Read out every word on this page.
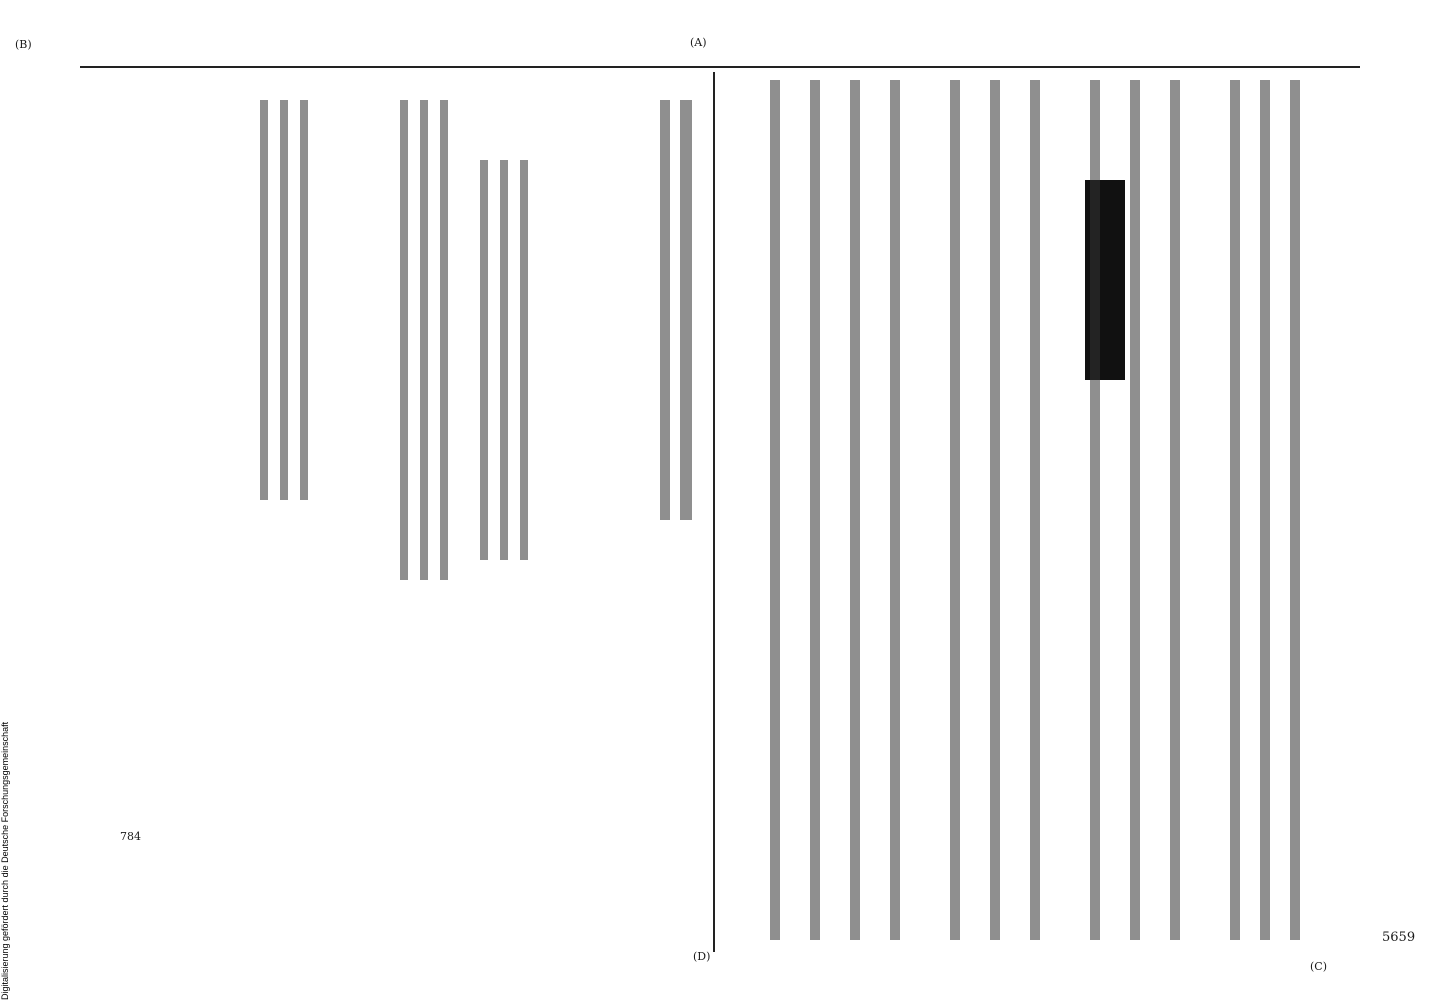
(A)
(C)
(B)
(D)
5659
784
Digitalisierung gefördert durch die Deutsche Forschungsgemeinschaft
